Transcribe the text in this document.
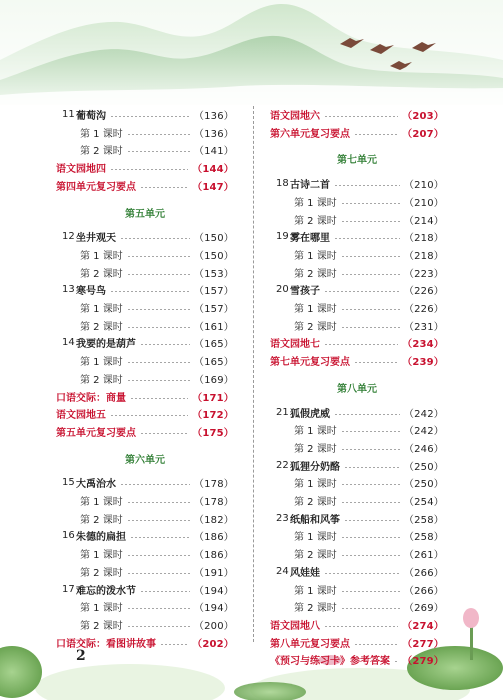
11 葡萄沟	（136）
第 1 课时	（136）
第 2 课时	（141）
语文园地四	（144）
第四单元复习要点	（147）
第五单元
12 坐井观天	（150）
第 1 课时	（150）
第 2 课时	（153）
13 寒号鸟	（157）
第 1 课时	（157）
第 2 课时	（161）
14 我要的是葫芦	（165）
第 1 课时	（165）
第 2 课时	（169）
口语交际：商量	（171）
语文园地五	（172）
第五单元复习要点	（175）
第六单元
15 大禹治水	（178）
第 1 课时	（178）
第 2 课时	（182）
16 朱德的扁担	（186）
第 1 课时	（186）
第 2 课时	（191）
17 难忘的泼水节	（194）
第 1 课时	（194）
第 2 课时	（200）
口语交际：看图讲故事	（202）
语文园地六	（203）
第六单元复习要点	（207）
第七单元
18 古诗二首	（210）
第 1 课时	（210）
第 2 课时	（214）
19 雾在哪里	（218）
第 1 课时	（218）
第 2 课时	（223）
20 雪孩子	（226）
第 1 课时	（226）
第 2 课时	（231）
语文园地七	（234）
第七单元复习要点	（239）
第八单元
21 狐假虎威	（242）
第 1 课时	（242）
第 2 课时	（246）
22 狐狸分奶酪	（250）
第 1 课时	（250）
第 2 课时	（254）
23 纸船和风筝	（258）
第 1 课时	（258）
第 2 课时	（261）
24 风娃娃	（266）
第 1 课时	（266）
第 2 课时	（269）
语文园地八	（274）
第八单元复习要点	（277）
《预习与练习卡》参考答案 （279）
2
